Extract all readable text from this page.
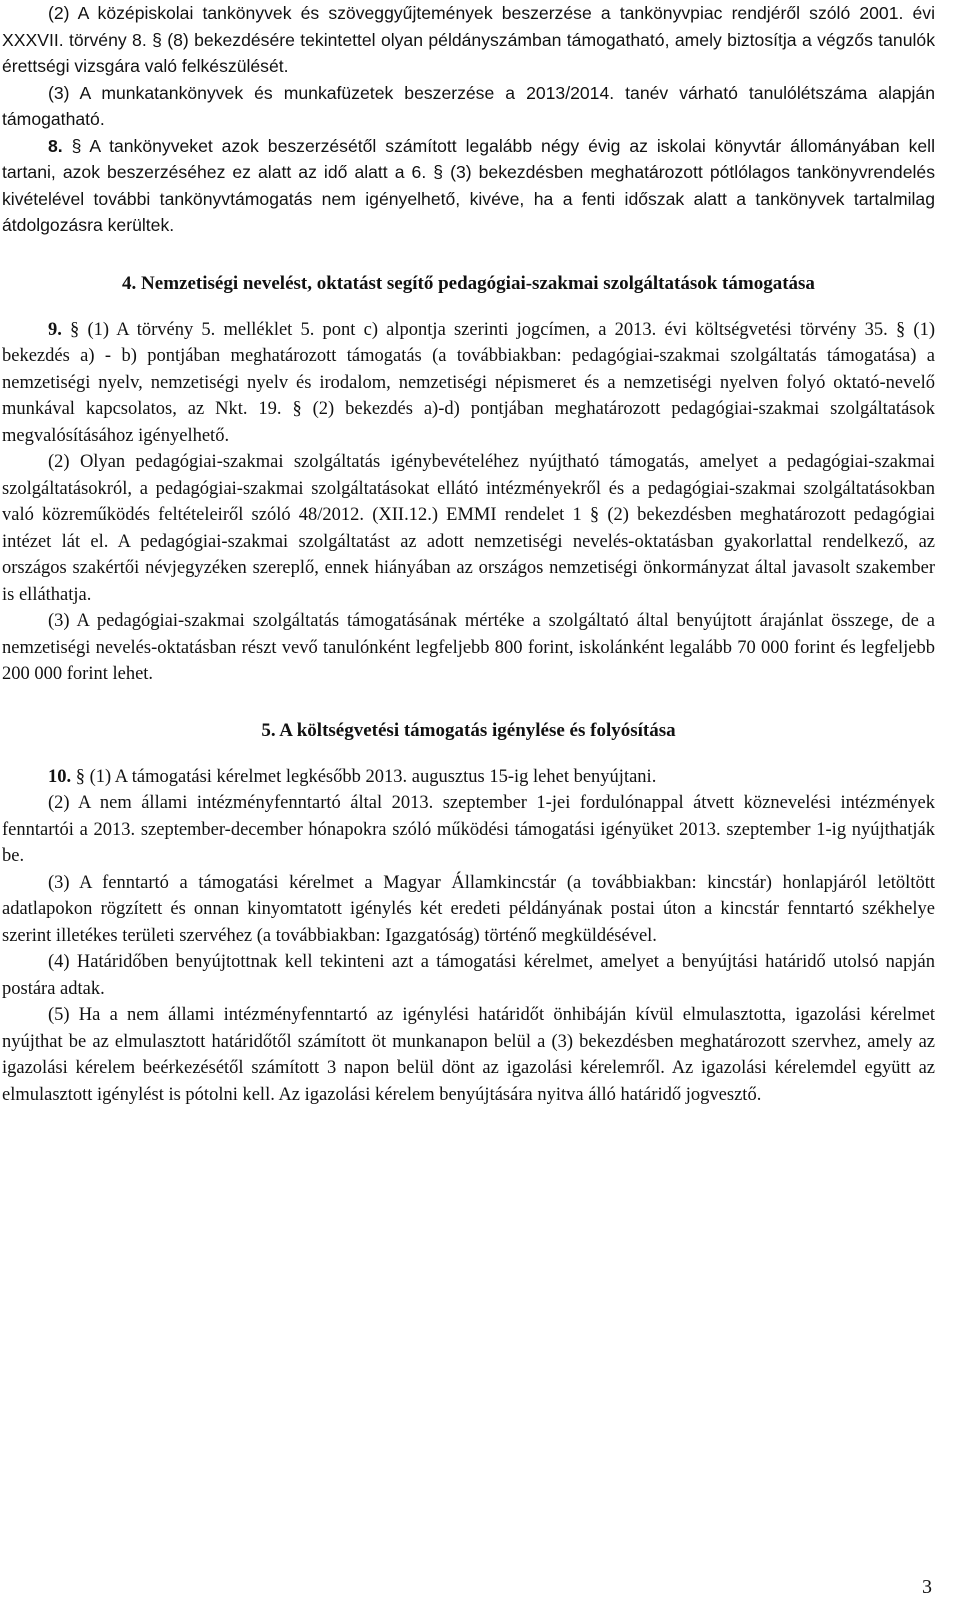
(2) A középiskolai tankönyvek és szöveggyűjtemények beszerzése a tankönyvpiac rendjéről szóló 2001. évi XXXVII. törvény 8. § (8) bekezdésére tekintettel olyan példányszámban támogatható, amely biztosítja a végzős tanulók érettségi vizsgára való felkészülését.

(3) A munkatankönyvek és munkafüzetek beszerzése a 2013/2014. tanév várható tanulólétszáma alapján támogatható.

8. § A tankönyveket azok beszerzésétől számított legalább négy évig az iskolai könyvtár állományában kell tartani, azok beszerzéséhez ez alatt az idő alatt a 6. § (3) bekezdésben meghatározott pótlólagos tankönyvrendelés kivételével további tankönyvtámogatás nem igényelhető, kivéve, ha a fenti időszak alatt a tankönyvek tartalmilag átdolgozásra kerültek.

4. Nemzetiségi nevelést, oktatást segítő pedagógiai-szakmai szolgáltatások támogatása

9. § (1) A törvény 5. melléklet 5. pont c) alpontja szerinti jogcímen, a 2013. évi költségvetési törvény 35. § (1) bekezdés a) - b) pontjában meghatározott támogatás (a továbbiakban: pedagógiai-szakmai szolgáltatás támogatása) a nemzetiségi nyelv, nemzetiségi nyelv és irodalom, nemzetiségi népismeret és a nemzetiségi nyelven folyó oktató-nevelő munkával kapcsolatos, az Nkt. 19. § (2) bekezdés a)-d) pontjában meghatározott pedagógiai-szakmai szolgáltatások megvalósításához igényelhető.

(2) Olyan pedagógiai-szakmai szolgáltatás igénybevételéhez nyújtható támogatás, amelyet a pedagógiai-szakmai szolgáltatásokról, a pedagógiai-szakmai szolgáltatásokat ellátó intézményekről és a pedagógiai-szakmai szolgáltatásokban való közreműködés feltételeiről szóló 48/2012. (XII.12.) EMMI rendelet 1 § (2) bekezdésben meghatározott pedagógiai intézet lát el. A pedagógiai-szakmai szolgáltatást az adott nemzetiségi nevelés-oktatásban gyakorlattal rendelkező, az országos szakértői névjegyzéken szereplő, ennek hiányában az országos nemzetiségi önkormányzat által javasolt szakember is elláthatja.

(3) A pedagógiai-szakmai szolgáltatás támogatásának mértéke a szolgáltató által benyújtott árajánlat összege, de a nemzetiségi nevelés-oktatásban részt vevő tanulónként legfeljebb 800 forint, iskolánként legalább 70 000 forint és legfeljebb 200 000 forint lehet.

5. A költségvetési támogatás igénylése és folyósítása

10. § (1) A támogatási kérelmet legkésőbb 2013. augusztus 15-ig lehet benyújtani.

(2) A nem állami intézményfenntartó által 2013. szeptember 1-jei fordulónappal átvett köznevelési intézmények fenntartói a 2013. szeptember-december hónapokra szóló működési támogatási igényüket 2013. szeptember 1-ig nyújthatják be.

(3) A fenntartó a támogatási kérelmet a Magyar Államkincstár (a továbbiakban: kincstár) honlapjáról letöltött adatlapokon rögzített és onnan kinyomtatott igénylés két eredeti példányának postai úton a kincstár fenntartó székhelye szerint illetékes területi szervéhez (a továbbiakban: Igazgatóság) történő megküldésével.

(4) Határidőben benyújtottnak kell tekinteni azt a támogatási kérelmet, amelyet a benyújtási határidő utolsó napján postára adtak.

(5) Ha a nem állami intézményfenntartó az igénylési határidőt önhibáján kívül elmulasztotta, igazolási kérelmet nyújthat be az elmulasztott határidőtől számított öt munkanapon belül a (3) bekezdésben meghatározott szervhez, amely az igazolási kérelem beérkezésétől számított 3 napon belül dönt az igazolási kérelemről. Az igazolási kérelemdel együtt az elmulasztott igénylést is pótolni kell. Az igazolási kérelem benyújtására nyitva álló határidő jogvesztő.

3
